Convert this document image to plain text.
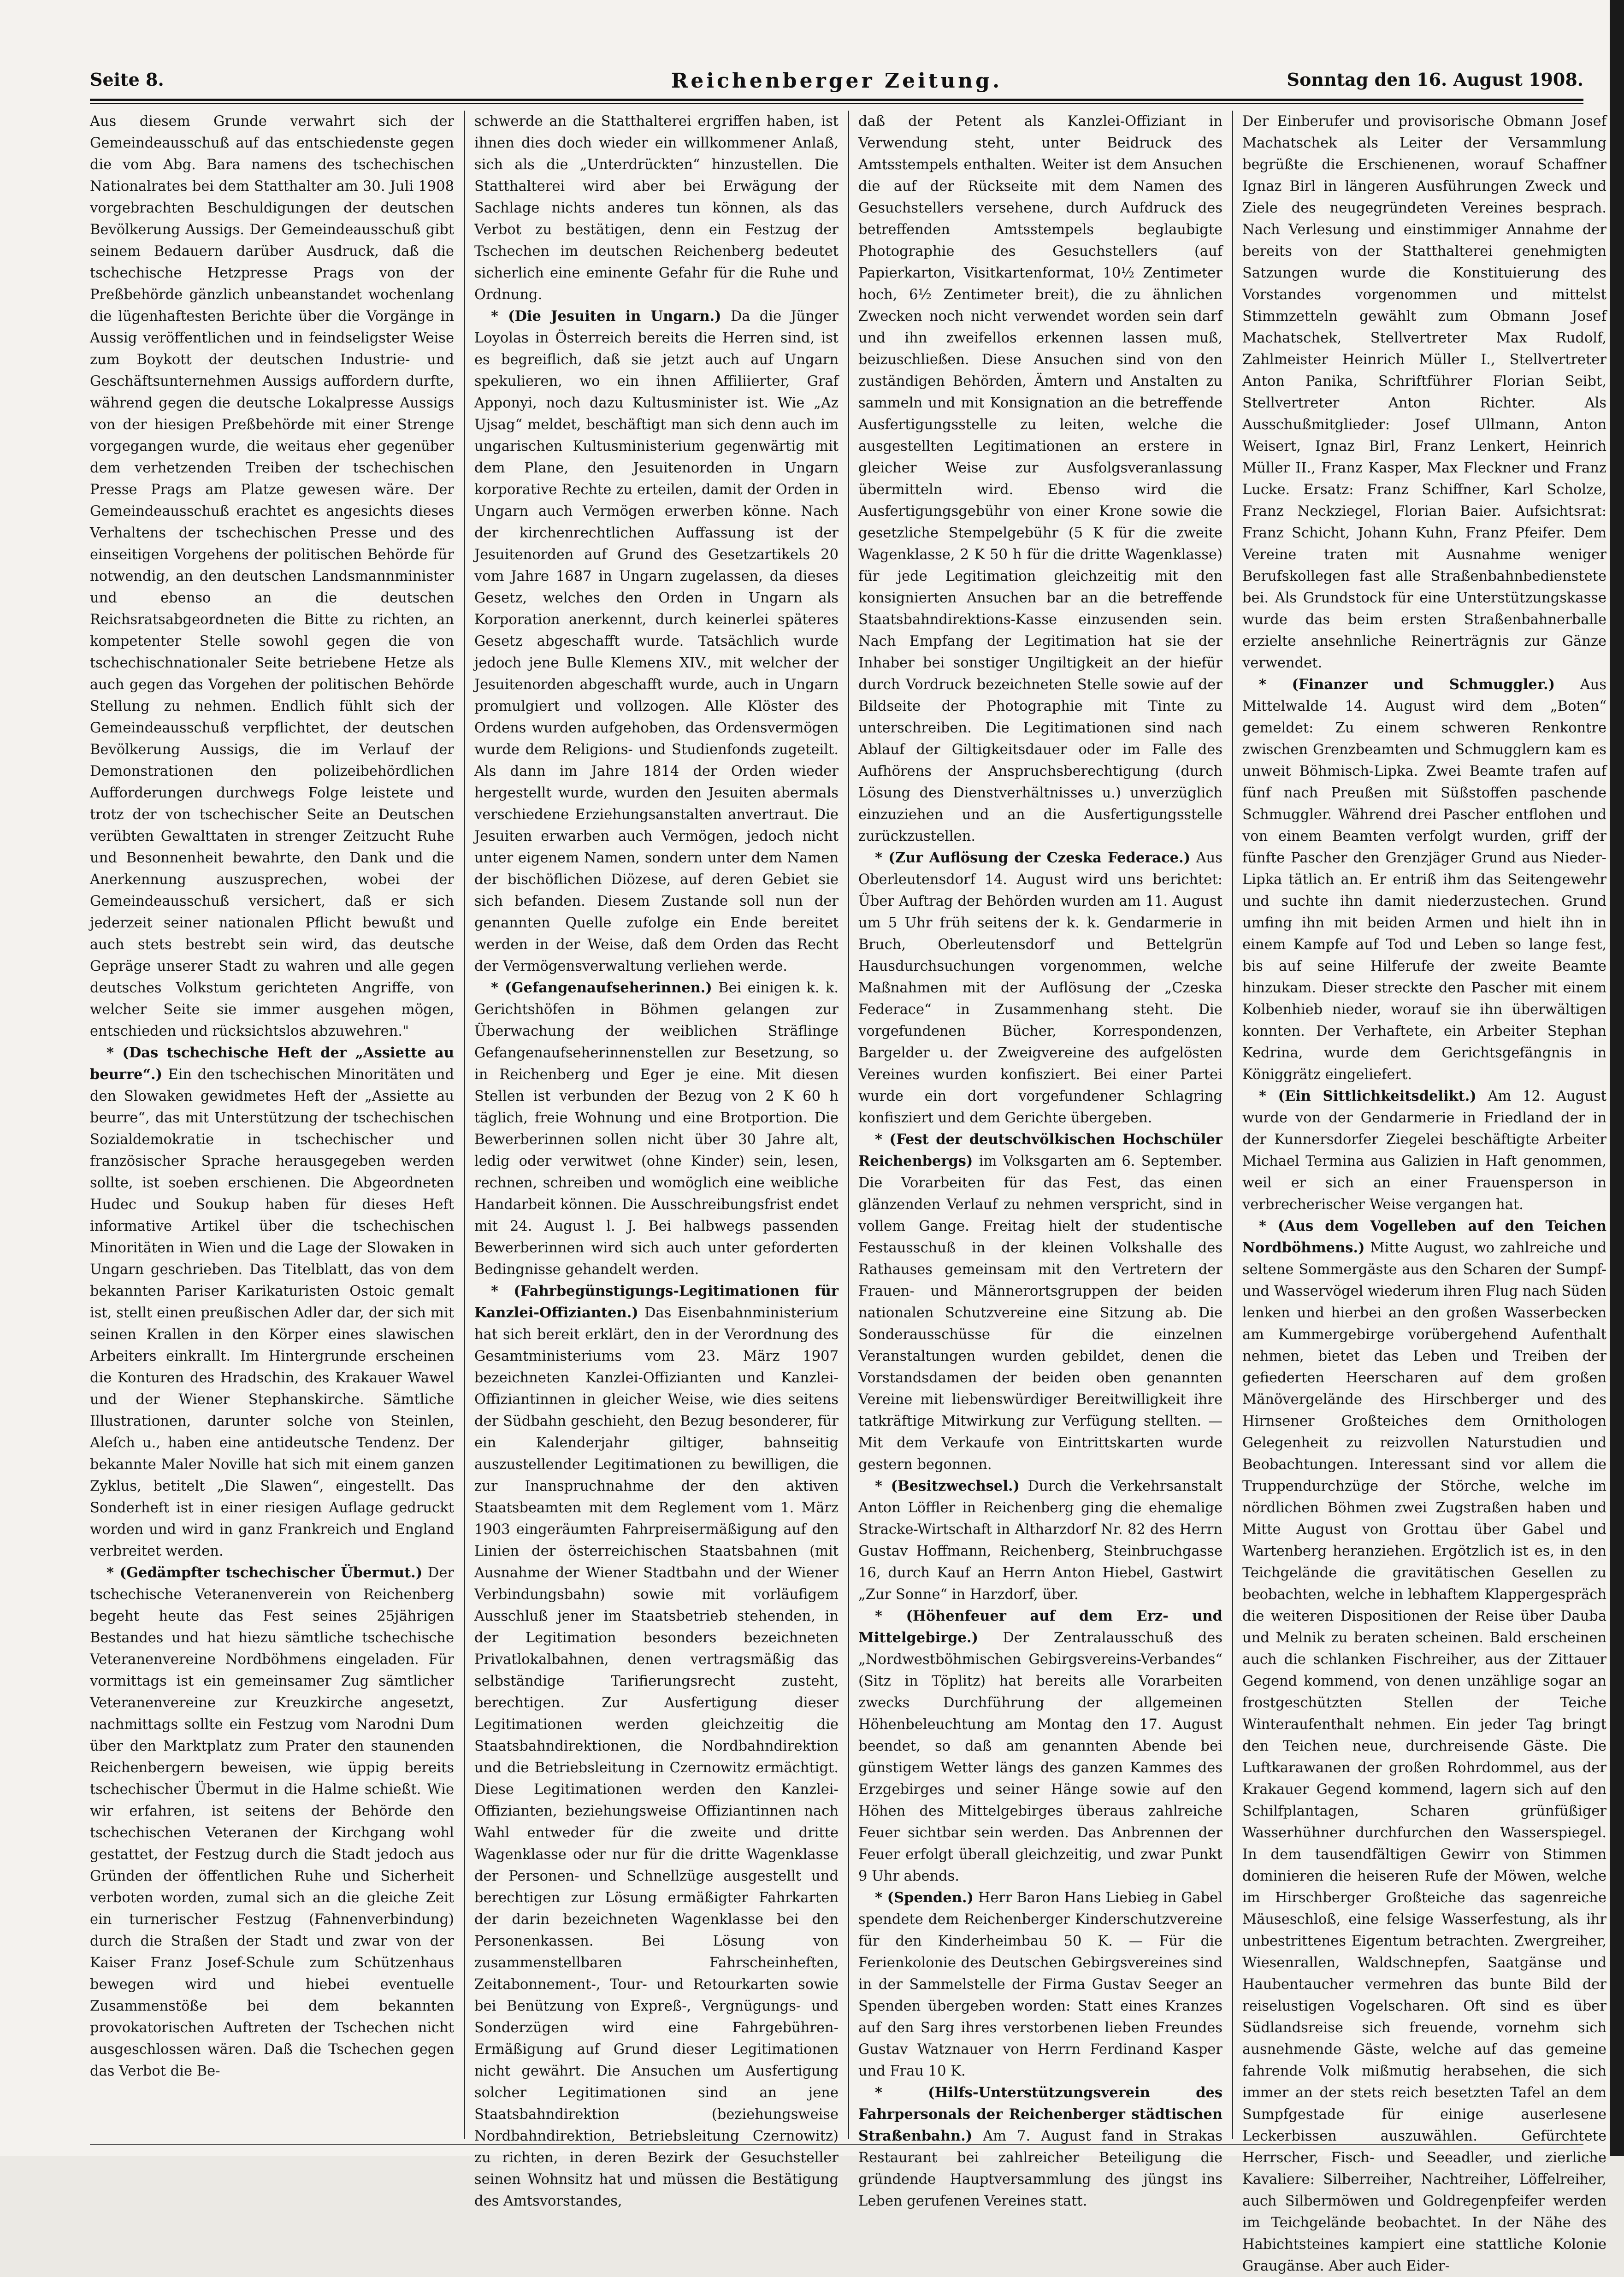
Seite 8.	Reichenberger Zeitung.	Sonntag den 16. August 1908.

Aus diesem Grunde verwahrt sich der Gemeindeausschuß auf das entschiedenste gegen die vom Abg. Bara namens des tschechischen Nationalrates bei dem Statthalter am 30. Juli 1908 vorgebrachten Beschuldigungen der deutschen Bevölkerung Aussigs. Der Gemeindeausschuß gibt seinem Bedauern darüber Ausdruck, daß die tschechische Hetzpresse Prags von der Preßbehörde gänzlich unbeanstandet wochenlang die lügenhaftesten Berichte über die Vorgänge in Aussig veröffentlichen und in feindseligster Weise zum Boykott der deutschen Industrie- und Geschäftsunternehmen Aussigs auffordern durfte, während gegen die deutsche Lokalpresse Aussigs von der hiesigen Preßbehörde mit einer Strenge vorgegangen wurde, die weitaus eher gegenüber dem verhetzenden Treiben der tschechischen Presse Prags am Platze gewesen wäre. Der Gemeindeausschuß erachtet es angesichts dieses Verhaltens der tschechischen Presse und des einseitigen Vorgehens der politischen Behörde für notwendig, an den deutschen Landsmannminister und ebenso an die deutschen Reichsratsabgeordneten die Bitte zu richten, an kompetenter Stelle sowohl gegen die von tschechischnationaler Seite betriebene Hetze als auch gegen das Vorgehen der politischen Behörde Stellung zu nehmen. Endlich fühlt sich der Gemeindeausschuß verpflichtet, der deutschen Bevölkerung Aussigs, die im Verlauf der Demonstrationen den polizeibehördlichen Aufforderungen durchwegs Folge leistete und trotz der von tschechischer Seite an Deutschen verübten Gewalttaten in strenger Zeitzucht Ruhe und Besonnenheit bewahrte, den Dank und die Anerkennung auszusprechen, wobei der Gemeindeausschuß versichert, daß er sich jederzeit seiner nationalen Pflicht bewußt und auch stets bestrebt sein wird, das deutsche Gepräge unserer Stadt zu wahren und alle gegen deutsches Volkstum gerichteten Angriffe, von welcher Seite sie immer ausgehen mögen, entschieden und rücksichtslos abzuwehren."

* (Das tschechische Heft der „Assiette au beurre“.) Ein den tschechischen Minoritäten und den Slowaken gewidmetes Heft der „Assiette au beurre“, das mit Unterstützung der tschechischen Sozialdemokratie in tschechischer und französischer Sprache herausgegeben werden sollte, ist soeben erschienen. Die Abgeordneten Hudec und Soukup haben für dieses Heft informative Artikel über die tschechischen Minoritäten in Wien und die Lage der Slowaken in Ungarn geschrieben. Das Titelblatt, das von dem bekannten Pariser Karikaturisten Ostoic gemalt ist, stellt einen preußischen Adler dar, der sich mit seinen Krallen in den Körper eines slawischen Arbeiters einkrallt. Im Hintergrunde erscheinen die Konturen des Hradschin, des Krakauer Wawel und der Wiener Stephanskirche. Sämtliche Illustrationen, darunter solche von Steinlen, Aleſch u., haben eine antideutsche Tendenz. Der bekannte Maler Noville hat sich mit einem ganzen Zyklus, betitelt „Die Slawen“, eingestellt. Das Sonderheft ist in einer riesigen Auflage gedruckt worden und wird in ganz Frankreich und England verbreitet werden.

* (Gedämpfter tschechischer Übermut.) Der tschechische Veteranenverein von Reichenberg begeht heute das Fest seines 25jährigen Bestandes und hat hiezu sämtliche tschechische Veteranenvereine Nordböhmens eingeladen. Für vormittags ist ein gemeinsamer Zug sämtlicher Veteranenvereine zur Kreuzkirche angesetzt, nachmittags sollte ein Festzug vom Narodni Dum über den Marktplatz zum Prater den staunenden Reichenbergern beweisen, wie üppig bereits tschechischer Übermut in die Halme schießt. Wie wir erfahren, ist seitens der Behörde den tschechischen Veteranen der Kirchgang wohl gestattet, der Festzug durch die Stadt jedoch aus Gründen der öffentlichen Ruhe und Sicherheit verboten worden, zumal sich an die gleiche Zeit ein turnerischer Festzug (Fahnenverbindung) durch die Straßen der Stadt und zwar von der Kaiser Franz Josef-Schule zum Schützenhaus bewegen wird und hiebei eventuelle Zusammenstöße bei dem bekannten provokatorischen Auftreten der Tschechen nicht ausgeschlossen wären. Daß die Tschechen gegen das Verbot die Be-

schwerde an die Statthalterei ergriffen haben, ist ihnen dies doch wieder ein willkommener Anlaß, sich als die „Unterdrückten“ hinzustellen. Die Statthalterei wird aber bei Erwägung der Sachlage nichts anderes tun können, als das Verbot zu bestätigen, denn ein Festzug der Tschechen im deutschen Reichenberg bedeutet sicherlich eine eminente Gefahr für die Ruhe und Ordnung.

* (Die Jesuiten in Ungarn.) Da die Jünger Loyolas in Österreich bereits die Herren sind, ist es begreiflich, daß sie jetzt auch auf Ungarn spekulieren, wo ein ihnen Affiliierter, Graf Apponyi, noch dazu Kultusminister ist. Wie „Az Ujsag“ meldet, beschäftigt man sich denn auch im ungarischen Kultusministerium gegenwärtig mit dem Plane, den Jesuitenorden in Ungarn korporative Rechte zu erteilen, damit der Orden in Ungarn auch Vermögen erwerben könne. Nach der kirchenrechtlichen Auffassung ist der Jesuitenorden auf Grund des Gesetzartikels 20 vom Jahre 1687 in Ungarn zugelassen, da dieses Gesetz, welches den Orden in Ungarn als Korporation anerkennt, durch keinerlei späteres Gesetz abgeschafft wurde. Tatsächlich wurde jedoch jene Bulle Klemens XIV., mit welcher der Jesuitenorden abgeschafft wurde, auch in Ungarn promulgiert und vollzogen. Alle Klöster des Ordens wurden aufgehoben, das Ordensvermögen wurde dem Religions- und Studienfonds zugeteilt. Als dann im Jahre 1814 der Orden wieder hergestellt wurde, wurden den Jesuiten abermals verschiedene Erziehungsanstalten anvertraut. Die Jesuiten erwarben auch Vermögen, jedoch nicht unter eigenem Namen, sondern unter dem Namen der bischöflichen Diözese, auf deren Gebiet sie sich befanden. Diesem Zustande soll nun der genannten Quelle zufolge ein Ende bereitet werden in der Weise, daß dem Orden das Recht der Vermögensverwaltung verliehen werde.

* (Gefangenaufseherinnen.) Bei einigen k. k. Gerichtshöfen in Böhmen gelangen zur Überwachung der weiblichen Sträflinge Gefangenaufseherinnenstellen zur Besetzung, so in Reichenberg und Eger je eine. Mit diesen Stellen ist verbunden der Bezug von 2 K 60 h täglich, freie Wohnung und eine Brotportion. Die Bewerberinnen sollen nicht über 30 Jahre alt, ledig oder verwitwet (ohne Kinder) sein, lesen, rechnen, schreiben und womöglich eine weibliche Handarbeit können. Die Ausschreibungsfrist endet mit 24. August l. J. Bei halbwegs passenden Bewerberinnen wird sich auch unter geforderten Bedingnisse gehandelt werden.

* (Fahrbegünstigungs-Legitimationen für Kanzlei-Offizianten.) Das Eisenbahnministerium hat sich bereit erklärt, den in der Verordnung des Gesamtministeriums vom 23. März 1907 bezeichneten Kanzlei-Offizianten und Kanzlei-Offiziantinnen in gleicher Weise, wie dies seitens der Südbahn geschieht, den Bezug besonderer, für ein Kalenderjahr giltiger, bahnseitig auszustellender Legitimationen zu bewilligen, die zur Inanspruchnahme der den aktiven Staatsbeamten mit dem Reglement vom 1. März 1903 eingeräumten Fahrpreisermäßigung auf den Linien der österreichischen Staatsbahnen (mit Ausnahme der Wiener Stadtbahn und der Wiener Verbindungsbahn) sowie mit vorläufigem Ausschluß jener im Staatsbetrieb stehenden, in der Legitimation besonders bezeichneten Privatlokalbahnen, denen vertragsmäßig das selbständige Tarifierungsrecht zusteht, berechtigen. Zur Ausfertigung dieser Legitimationen werden gleichzeitig die Staatsbahndirektionen, die Nordbahndirektion und die Betriebsleitung in Czernowitz ermächtigt. Diese Legitimationen werden den Kanzlei-Offizianten, beziehungsweise Offiziantinnen nach Wahl entweder für die zweite und dritte Wagenklasse oder nur für die dritte Wagenklasse der Personen- und Schnellzüge ausgestellt und berechtigen zur Lösung ermäßigter Fahrkarten der darin bezeichneten Wagenklasse bei den Personenkassen. Bei Lösung von zusammenstellbaren Fahrscheinheften, Zeitabonnement-, Tour- und Retourkarten sowie bei Benützung von Expreß-, Vergnügungs- und Sonderzügen wird eine Fahrgebühren-Ermäßigung auf Grund dieser Legitimationen nicht gewährt. Die Ansuchen um Ausfertigung solcher Legitimationen sind an jene Staatsbahndirektion (beziehungsweise Nordbahndirektion, Betriebsleitung Czernowitz) zu richten, in deren Bezirk der Gesuchsteller seinen Wohnsitz hat und müssen die Bestätigung des Amtsvorstandes,

daß der Petent als Kanzlei-Offiziant in Verwendung steht, unter Beidruck des Amtsstempels enthalten. Weiter ist dem Ansuchen die auf der Rückseite mit dem Namen des Gesuchstellers versehene, durch Aufdruck des betreffenden Amtsstempels beglaubigte Photographie des Gesuchstellers (auf Papierkarton, Visitkartenformat, 10½ Zentimeter hoch, 6½ Zentimeter breit), die zu ähnlichen Zwecken noch nicht verwendet worden sein darf und ihn zweifellos erkennen lassen muß, beizuschließen. Diese Ansuchen sind von den zuständigen Behörden, Ämtern und Anstalten zu sammeln und mit Konsignation an die betreffende Ausfertigungsstelle zu leiten, welche die ausgestellten Legitimationen an erstere in gleicher Weise zur Ausfolgsveranlassung übermitteln wird. Ebenso wird die Ausfertigungsgebühr von einer Krone sowie die gesetzliche Stempelgebühr (5 K für die zweite Wagenklasse, 2 K 50 h für die dritte Wagenklasse) für jede Legitimation gleichzeitig mit den konsignierten Ansuchen bar an die betreffende Staatsbahndirektions-Kasse einzusenden sein. Nach Empfang der Legitimation hat sie der Inhaber bei sonstiger Ungiltigkeit an der hiefür durch Vordruck bezeichneten Stelle sowie auf der Bildseite der Photographie mit Tinte zu unterschreiben. Die Legitimationen sind nach Ablauf der Giltigkeitsdauer oder im Falle des Aufhörens der Anspruchsberechtigung (durch Lösung des Dienstverhältnisses u.) unverzüglich einzuziehen und an die Ausfertigungsstelle zurückzustellen.

* (Zur Auflösung der Czeska Federace.) Aus Oberleutensdorf 14. August wird uns berichtet: Über Auftrag der Behörden wurden am 11. August um 5 Uhr früh seitens der k. k. Gendarmerie in Bruch, Oberleutensdorf und Bettelgrün Hausdurchsuchungen vorgenommen, welche Maßnahmen mit der Auflösung der „Czeska Federace“ in Zusammenhang steht. Die vorgefundenen Bücher, Korrespondenzen, Bargelder u. der Zweigvereine des aufgelösten Vereines wurden konfisziert. Bei einer Partei wurde ein dort vorgefundener Schlagring konfisziert und dem Gerichte übergeben.

* (Fest der deutschvölkischen Hochschüler Reichenbergs) im Volksgarten am 6. September. Die Vorarbeiten für das Fest, das einen glänzenden Verlauf zu nehmen verspricht, sind in vollem Gange. Freitag hielt der studentische Festausschuß in der kleinen Volkshalle des Rathauses gemeinsam mit den Vertretern der Frauen- und Männerortsgruppen der beiden nationalen Schutzvereine eine Sitzung ab. Die Sonderausschüsse für die einzelnen Veranstaltungen wurden gebildet, denen die Vorstandsdamen der beiden oben genannten Vereine mit liebenswürdiger Bereitwilligkeit ihre tatkräftige Mitwirkung zur Verfügung stellten. — Mit dem Verkaufe von Eintrittskarten wurde gestern begonnen.

* (Besitzwechsel.) Durch die Verkehrsanstalt Anton Löffler in Reichenberg ging die ehemalige Stracke-Wirtschaft in Altharzdorf Nr. 82 des Herrn Gustav Hoffmann, Reichenberg, Steinbruchgasse 16, durch Kauf an Herrn Anton Hiebel, Gastwirt „Zur Sonne“ in Harzdorf, über.

* (Höhenfeuer auf dem Erz- und Mittelgebirge.) Der Zentralausschuß des „Nordwestböhmischen Gebirgsvereins-Verbandes“ (Sitz in Töplitz) hat bereits alle Vorarbeiten zwecks Durchführung der allgemeinen Höhenbeleuchtung am Montag den 17. August beendet, so daß am genannten Abende bei günstigem Wetter längs des ganzen Kammes des Erzgebirges und seiner Hänge sowie auf den Höhen des Mittelgebirges überaus zahlreiche Feuer sichtbar sein werden. Das Anbrennen der Feuer erfolgt überall gleichzeitig, und zwar Punkt 9 Uhr abends.

* (Spenden.) Herr Baron Hans Liebieg in Gabel spendete dem Reichenberger Kinderschutzvereine für den Kinderheimbau 50 K. — Für die Ferienkolonie des Deutschen Gebirgsvereines sind in der Sammelstelle der Firma Gustav Seeger an Spenden übergeben worden: Statt eines Kranzes auf den Sarg ihres verstorbenen lieben Freundes Gustav Watznauer von Herrn Ferdinand Kasper und Frau 10 K.

* (Hilfs-Unterstützungsverein des Fahrpersonals der Reichenberger städtischen Straßenbahn.) Am 7. August fand in Strakas Restaurant bei zahlreicher Beteiligung die gründende Hauptversammlung des jüngst ins Leben gerufenen Vereines statt.

Der Einberufer und provisorische Obmann Josef Machatschek als Leiter der Versammlung begrüßte die Erschienenen, worauf Schaffner Ignaz Birl in längeren Ausführungen Zweck und Ziele des neugegründeten Vereines besprach. Nach Verlesung und einstimmiger Annahme der bereits von der Statthalterei genehmigten Satzungen wurde die Konstituierung des Vorstandes vorgenommen und mittelst Stimmzetteln gewählt zum Obmann Josef Machatschek, Stellvertreter Max Rudolf, Zahlmeister Heinrich Müller I., Stellvertreter Anton Panika, Schriftführer Florian Seibt, Stellvertreter Anton Richter. Als Ausschußmitglieder: Josef Ullmann, Anton Weisert, Ignaz Birl, Franz Lenkert, Heinrich Müller II., Franz Kasper, Max Fleckner und Franz Lucke. Ersatz: Franz Schiffner, Karl Scholze, Franz Neckziegel, Florian Baier. Aufsichtsrat: Franz Schicht, Johann Kuhn, Franz Pfeifer. Dem Vereine traten mit Ausnahme weniger Berufskollegen fast alle Straßenbahnbedienstete bei. Als Grundstock für eine Unterstützungskasse wurde das beim ersten Straßenbahnerballe erzielte ansehnliche Reinerträgnis zur Gänze verwendet.

* (Finanzer und Schmuggler.) Aus Mittelwalde 14. August wird dem „Boten“ gemeldet: Zu einem schweren Renkontre zwischen Grenzbeamten und Schmugglern kam es unweit Böhmisch-Lipka. Zwei Beamte trafen auf fünf nach Preußen mit Süßstoffen paschende Schmuggler. Während drei Pascher entflohen und von einem Beamten verfolgt wurden, griff der fünfte Pascher den Grenzjäger Grund aus Nieder-Lipka tätlich an. Er entriß ihm das Seitengewehr und suchte ihn damit niederzustechen. Grund umfing ihn mit beiden Armen und hielt ihn in einem Kampfe auf Tod und Leben so lange fest, bis auf seine Hilferufe der zweite Beamte hinzukam. Dieser streckte den Pascher mit einem Kolbenhieb nieder, worauf sie ihn überwältigen konnten. Der Verhaftete, ein Arbeiter Stephan Kedrina, wurde dem Gerichtsgefängnis in Königgrätz eingeliefert.

* (Ein Sittlichkeitsdelikt.) Am 12. August wurde von der Gendarmerie in Friedland der in der Kunnersdorfer Ziegelei beschäftigte Arbeiter Michael Termina aus Galizien in Haft genommen, weil er sich an einer Frauensperson in verbrecherischer Weise vergangen hat.

* (Aus dem Vogelleben auf den Teichen Nordböhmens.) Mitte August, wo zahlreiche und seltene Sommergäste aus den Scharen der Sumpf- und Wasservögel wiederum ihren Flug nach Süden lenken und hierbei an den großen Wasserbecken am Kummergebirge vorübergehend Aufenthalt nehmen, bietet das Leben und Treiben der gefiederten Heerscharen auf dem großen Mänövergelände des Hirschberger und des Hirnsener Großteiches dem Ornithologen Gelegenheit zu reizvollen Naturstudien und Beobachtungen. Interessant sind vor allem die Truppendurchzüge der Störche, welche im nördlichen Böhmen zwei Zugstraßen haben und Mitte August von Grottau über Gabel und Wartenberg heranziehen. Ergötzlich ist es, in den Teichgelände die gravitätischen Gesellen zu beobachten, welche in lebhaftem Klappergespräch die weiteren Dispositionen der Reise über Dauba und Melnik zu beraten scheinen. Bald erscheinen auch die schlanken Fischreiher, aus der Zittauer Gegend kommend, von denen unzählige sogar an frostgeschützten Stellen der Teiche Winteraufenthalt nehmen. Ein jeder Tag bringt den Teichen neue, durchreisende Gäste. Die Luftkarawanen der großen Rohrdommel, aus der Krakauer Gegend kommend, lagern sich auf den Schilfplantagen, Scharen grünfüßiger Wasserhühner durchfurchen den Wasserspiegel. In dem tausendfältigen Gewirr von Stimmen dominieren die heiseren Rufe der Möwen, welche im Hirschberger Großteiche das sagenreiche Mäuseschloß, eine felsige Wasserfestung, als ihr unbestrittenes Eigentum betrachten. Zwergreiher, Wiesenrallen, Waldschnepfen, Saatgänse und Haubentaucher vermehren das bunte Bild der reiselustigen Vogelscharen. Oft sind es über Südlandsreise sich freuende, vornehm sich ausnehmende Gäste, welche auf das gemeine fahrende Volk mißmutig herabsehen, die sich immer an der stets reich besetzten Tafel an dem Sumpfgestade für einige auserlesene Leckerbissen auszuwählen. Gefürchtete Herrscher, Fisch- und Seeadler, und zierliche Kavaliere: Silberreiher, Nachtreiher, Löffelreiher, auch Silbermöwen und Goldregenpfeifer werden im Teichgelände beobachtet. In der Nähe des Habichtsteines kampiert eine stattliche Kolonie Graugänse. Aber auch Eider-
